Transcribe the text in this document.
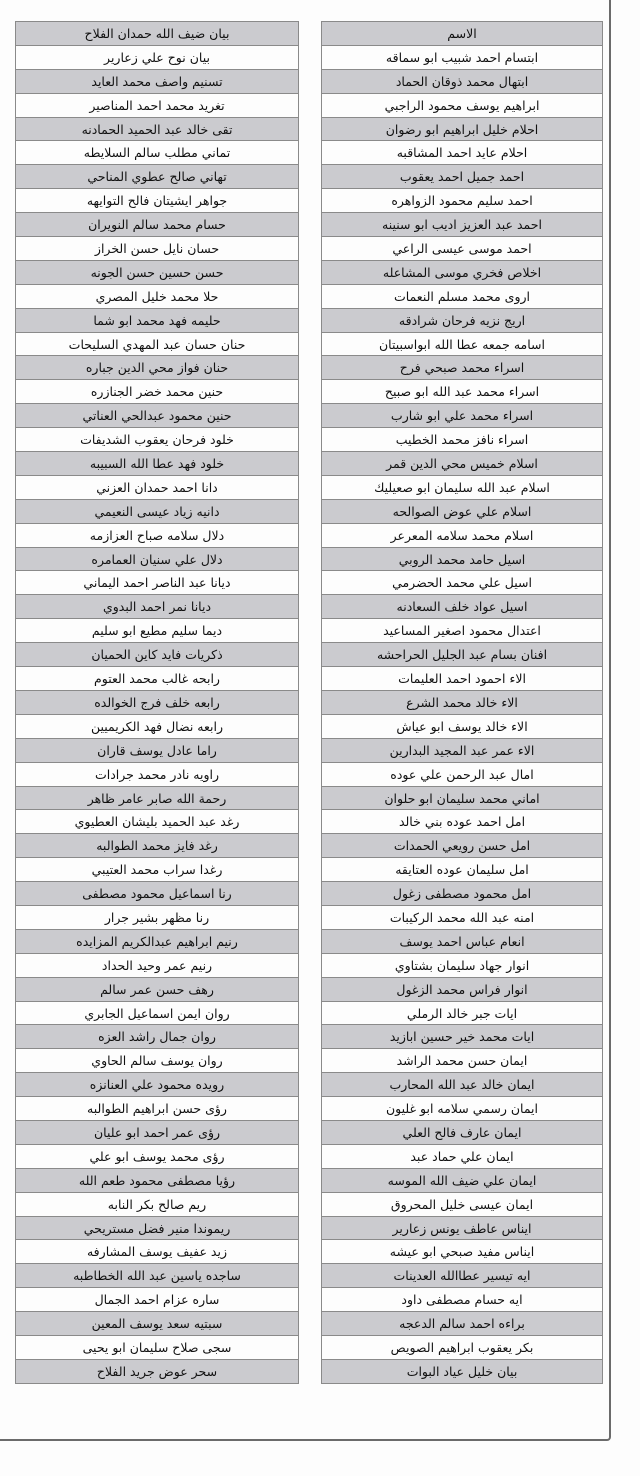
الاسم
ابتسام احمد شبيب ابو سماقه
ابتهال محمد ذوقان الحماد
ابراهيم يوسف محمود الراجبي
احلام خليل ابراهيم ابو رضوان
احلام عايد احمد المشاقبه
احمد جميل احمد يعقوب
احمد سليم محمود الزواهره
احمد عبد العزيز اديب ابو سنينه
احمد موسى عيسى الراعي
اخلاص فخري موسى المشاعله
اروى محمد مسلم النعمات
اريج نزيه فرحان شرادقه
اسامه جمعه عطا الله ابواسبيتان
اسراء محمد صبحي فرح
اسراء محمد عبد الله ابو صبيح
اسراء محمد علي ابو شارب
اسراء نافز محمد الخطيب
اسلام خميس محي الدين قمر
اسلام عبد الله سليمان ابو صعيليك
اسلام علي عوض الصوالحه
اسلام محمد سلامه المعرعر
اسيل حامد محمد الروبي
اسيل علي محمد الحضرمي
اسيل عواد خلف السعادنه
اعتدال محمود اصغير المساعيد
افنان بسام عبد الجليل الحراحشه
الاء احمود احمد العليمات
الاء خالد محمد الشرع
الاء خالد يوسف ابو عياش
الاء عمر عبد المجيد البدارين
امال عبد الرحمن علي عوده
اماني محمد سليمان ابو حلوان
امل احمد عوده بني خالد
امل حسن رويعي الحمدات
امل سليمان عوده العتايقه
امل محمود مصطفى زغول
امنه عبد الله محمد الركيبات
انعام عباس احمد يوسف
انوار جهاد سليمان بشتاوي
انوار فراس محمد الزغول
ايات جبر خالد الرملي
ايات محمد خير حسين ابازيد
ايمان حسن محمد الراشد
ايمان خالد عبد الله المحارب
ايمان رسمي سلامه ابو غليون
ايمان عارف فالح العلي
ايمان علي حماد عبد
ايمان علي ضيف الله الموسه
ايمان عيسى خليل المحروق
ايناس عاطف يونس زعارير
ايناس مفيد صبحي ابو عيشه
ايه تيسير عطاالله العدينات
ايه حسام مصطفى داود
براءه احمد سالم الدعجه
بكر يعقوب ابراهيم الصويص
بيان خليل عياد البوات
بيان ضيف الله حمدان الفلاح
بيان نوح علي زعارير
تسنيم واصف محمد العايد
تغريد محمد احمد المناصير
تقى خالد عبد الحميد الحمادنه
تماني مطلب سالم السلايطه
تهاني صالح عطوي المناحي
جواهر ايشيتان فالح التوايهه
حسام محمد سالم النويران
حسان نايل حسن الخراز
حسن حسين حسن الجونه
حلا محمد خليل المصري
حليمه فهد محمد ابو شما
حنان حسان عبد المهدي السليحات
حنان فواز محي الدين جباره
حنين محمد خضر الجنازره
حنين محمود عبدالحي العناتي
خلود فرحان يعقوب الشديفات
خلود فهد عطا الله السبيبه
دانا احمد حمدان العزني
دانيه زياد عيسى النعيمي
دلال سلامه صباح العزازمه
دلال علي سنيان العمامره
ديانا عبد الناصر احمد اليماني
ديانا نمر احمد البدوي
ديما سليم مطيع ابو سليم
ذكريات فايد كاين الحميان
رابحه غالب محمد العتوم
رابعه خلف فرج الخوالده
رابعه نضال فهد الكريميين
راما عادل يوسف قاران
راويه نادر محمد جرادات
رحمة الله صابر عامر ظاهر
رغد عبد الحميد بليشان العطيوي
رغد فايز محمد الطوالبه
رغدا سراب محمد العتيبي
رنا اسماعيل محمود مصطفى
رنا مظهر بشير جرار
رنيم ابراهيم عبدالكريم المزايده
رنيم عمر وحيد الحداد
رهف حسن عمر سالم
روان ايمن اسماعيل الجابري
روان جمال راشد العزه
روان يوسف سالم الحاوي
رويده محمود علي العنانزه
رؤى حسن ابراهيم الطوالبه
رؤى عمر احمد ابو عليان
رؤى محمد يوسف ابو علي
رؤيا مصطفى محمود طعم الله
ريم صالح بكر النابه
ريموندا منير فضل مستريحي
زيد عفيف يوسف المشارفه
ساجده ياسين عبد الله الخطاطبه
ساره عزام احمد الجمال
سبتيه سعد يوسف المعين
سجى صلاح سليمان ابو يحيى
سحر عوض جريد الفلاح
